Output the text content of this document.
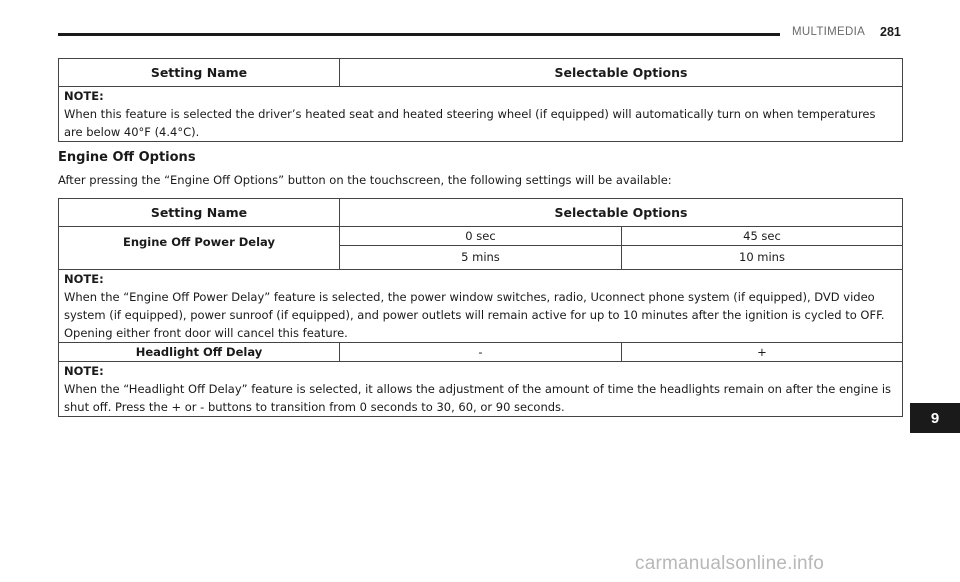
MULTIMEDIA 281
Setting Name	Selectable Options

NOTE:
When this feature is selected the driver’s heated seat and heated steering wheel (if equipped) will automatically turn on when temperatures are below 40°F (4.4°C).
Engine Off Options
After pressing the “Engine Off Options” button on the touchscreen, the following settings will be available:
Setting Name	Selectable Options	
Engine Off Power Delay	0 sec	45 sec
	5 mins	10 mins

NOTE:
When the “Engine Off Power Delay” feature is selected, the power window switches, radio, Uconnect phone system (if equipped), DVD video system (if equipped), power sunroof (if equipped), and power outlets will remain active for up to 10 minutes after the ignition is cycled to OFF. Opening either front door will cancel this feature.		
Headlight Off Delay	-	+

NOTE:
When the “Headlight Off Delay” feature is selected, it allows the adjustment of the amount of time the headlights remain on after the engine is shut off. Press the + or - buttons to transition from 0 seconds to 30, 60, or 90 seconds.		
9
carmanualsonline.info
